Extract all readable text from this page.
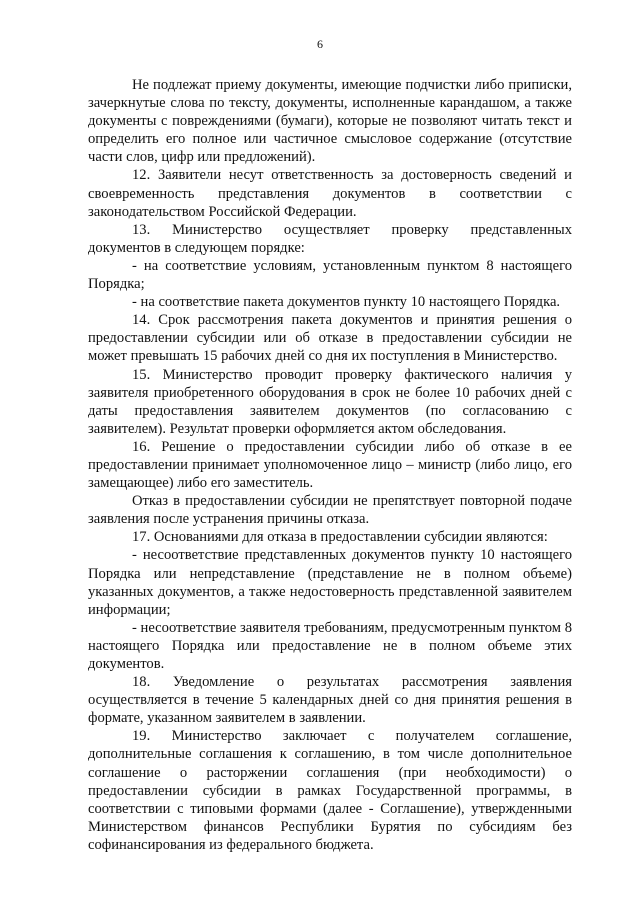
6

Не подлежат приему документы, имеющие подчистки либо приписки, зачеркнутые слова по тексту, документы, исполненные карандашом, а также документы с повреждениями (бумаги), которые не позволяют читать текст и определить его полное или частичное смысловое содержание (отсутствие части слов, цифр или предложений).

12. Заявители несут ответственность за достоверность сведений и своевременность представления документов в соответствии с законодательством Российской Федерации.

13. Министерство осуществляет проверку представленных документов в следующем порядке:

- на соответствие условиям, установленным пунктом 8 настоящего Порядка;

- на соответствие пакета документов пункту 10 настоящего Порядка.

14. Срок рассмотрения пакета документов и принятия решения о предоставлении субсидии или об отказе в предоставлении субсидии не может превышать 15 рабочих дней со дня их поступления в Министерство.

15. Министерство проводит проверку фактического наличия у заявителя приобретенного оборудования в срок не более 10 рабочих дней с даты предоставления заявителем документов (по согласованию с заявителем). Результат проверки оформляется актом обследования.

16. Решение о предоставлении субсидии либо об отказе в ее предоставлении принимает уполномоченное лицо – министр (либо лицо, его замещающее) либо его заместитель.

Отказ в предоставлении субсидии не препятствует повторной подаче заявления после устранения причины отказа.

17. Основаниями для отказа в предоставлении субсидии являются:

- несоответствие представленных документов пункту 10 настоящего Порядка или непредставление (представление не в полном объеме) указанных документов, а также недостоверность представленной заявителем информации;

- несоответствие заявителя требованиям, предусмотренным пунктом 8 настоящего Порядка или предоставление не в полном объеме этих документов.

18. Уведомление о результатах рассмотрения заявления осуществляется в течение 5 календарных дней со дня принятия решения в формате, указанном заявителем в заявлении.

19. Министерство заключает с получателем соглашение, дополнительные соглашения к соглашению, в том числе дополнительное соглашение о расторжении соглашения (при необходимости) о предоставлении субсидии в рамках Государственной программы, в соответствии с типовыми формами (далее - Соглашение), утвержденными Министерством финансов Республики Бурятия по субсидиям без софинансирования из федерального бюджета.
